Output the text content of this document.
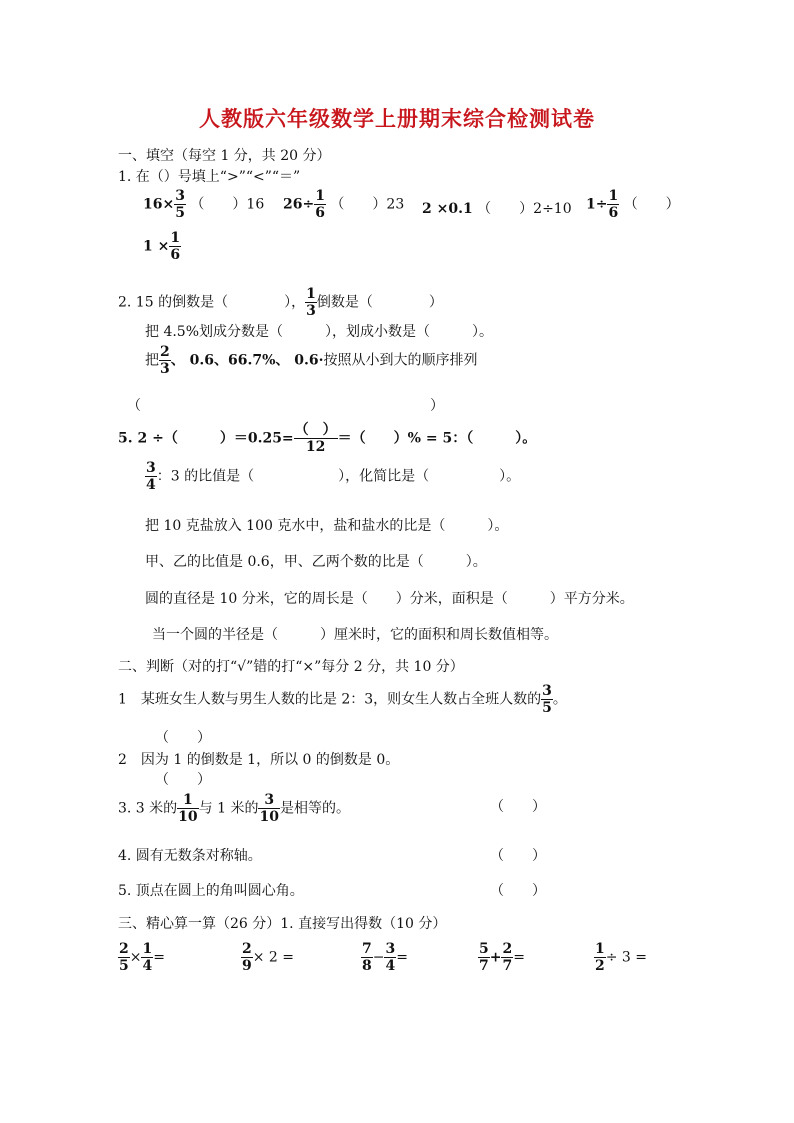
人教版六年级数学上册期末综合检测试卷
一、填空（每空 1 分，共 20 分）
1. 在（）号填上“>”“<”“＝”
$16\times \frac{3}{5}$ （　　）16 $26\div \frac{1}{6}$ （　　）23 2 ×0.1 （　　）2÷10 $1\div \frac{1}{6}$ （　　）
$1 \times \frac{1}{6}$
2. 15 的倒数是（　　　　）， $\frac{1}{3}$ 倒数是（　　　　）
把 4.5%划成分数是（　　　），划成小数是（　　　）。
把 $\frac{2}{3}$ 、 0.6、66.7%、 0.6·按照从小到大的顺序排列
（	）
5. 2 ÷（　　　）$=0.25= \frac{( )}{12}$ ＝（　　）% = 5：（　　　）。
$\frac{3}{4}$ ：3 的比值是（　　　　　　），化简比是（　　　　　）。
把 10 克盐放入 100 克水中，盐和盐水的比是（　　　）。
甲、乙的比值是 0.6，甲、乙两个数的比是（　　　）。
圆的直径是 10 分米，它的周长是（　　）分米，面积是（　　　）平方分米。
当一个圆的半径是（　　　）厘米时，它的面积和周长数值相等。
二、判断（对的打“√”错的打“×”每分 2 分，共 10 分）
1　某班女生人数与男生人数的比是 2：3，则女生人数占全班人数的 $\frac{3}{5}$ 。
（　　）
2　因为 1 的倒数是 1，所以 0 的倒数是 0。
（　　）
3. 3 米的 $\frac{1}{10}$ 与 1 米的 $\frac{3}{10}$ 是相等的。	（　　）
4. 圆有无数条对称轴。	（　　）
5. 顶点在圆上的角叫圆心角。	（　　）
三、精心算一算（26 分）1. 直接写出得数（10 分）
$\frac{2}{5} \times \frac{1}{4}$ =	$\frac{2}{9} \times 2$ =	$\frac{7}{8} - \frac{3}{4}$ =	$\frac{5}{7} + \frac{2}{7}$ =	$\frac{1}{2} \div 3$ =
